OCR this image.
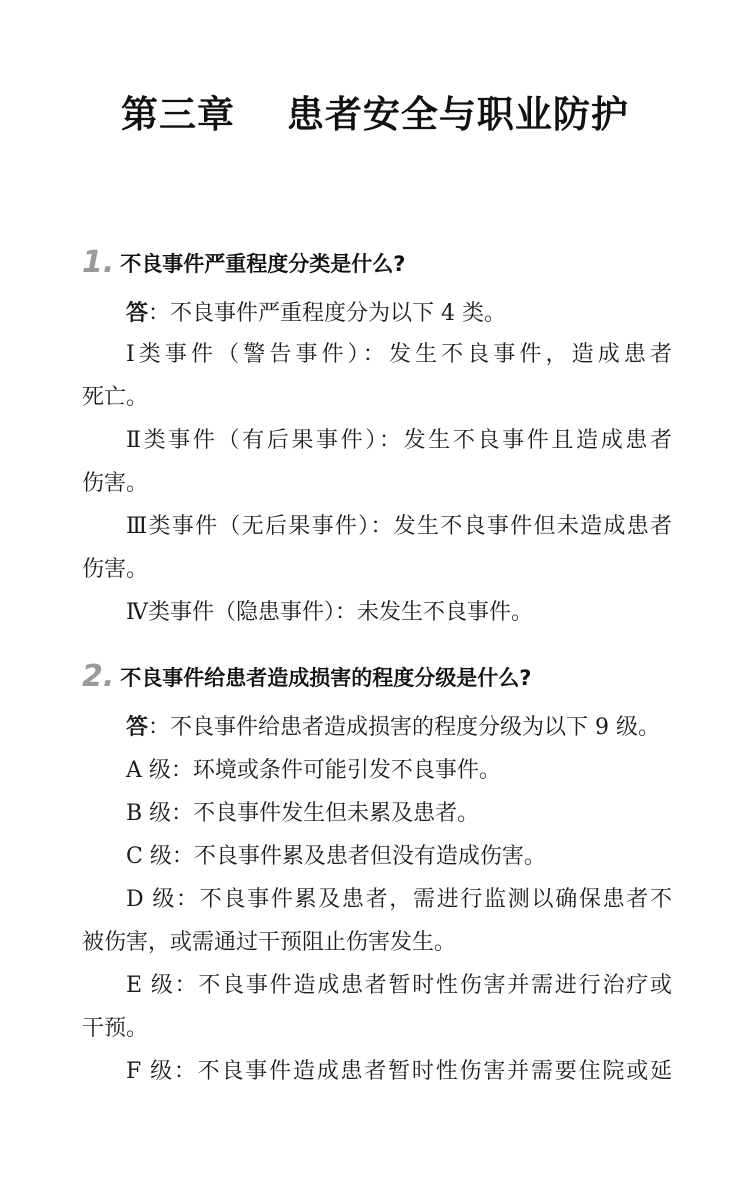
第三章　 患者安全与职业防护
1. 不良事件严重程度分类是什么?
答：不良事件严重程度分为以下 4 类。
Ⅰ类事件（警告事件）：发生不良事件，造成患者
死亡。
Ⅱ类事件（有后果事件）：发生不良事件且造成患者
伤害。
Ⅲ类事件（无后果事件）：发生不良事件但未造成患者
伤害。
Ⅳ类事件（隐患事件）：未发生不良事件。
2. 不良事件给患者造成损害的程度分级是什么?
答：不良事件给患者造成损害的程度分级为以下 9 级。
A 级：环境或条件可能引发不良事件。
B 级：不良事件发生但未累及患者。
C 级：不良事件累及患者但没有造成伤害。
D 级：不良事件累及患者，需进行监测以确保患者不
被伤害，或需通过干预阻止伤害发生。
E 级：不良事件造成患者暂时性伤害并需进行治疗或
干预。
F 级：不良事件造成患者暂时性伤害并需要住院或延
